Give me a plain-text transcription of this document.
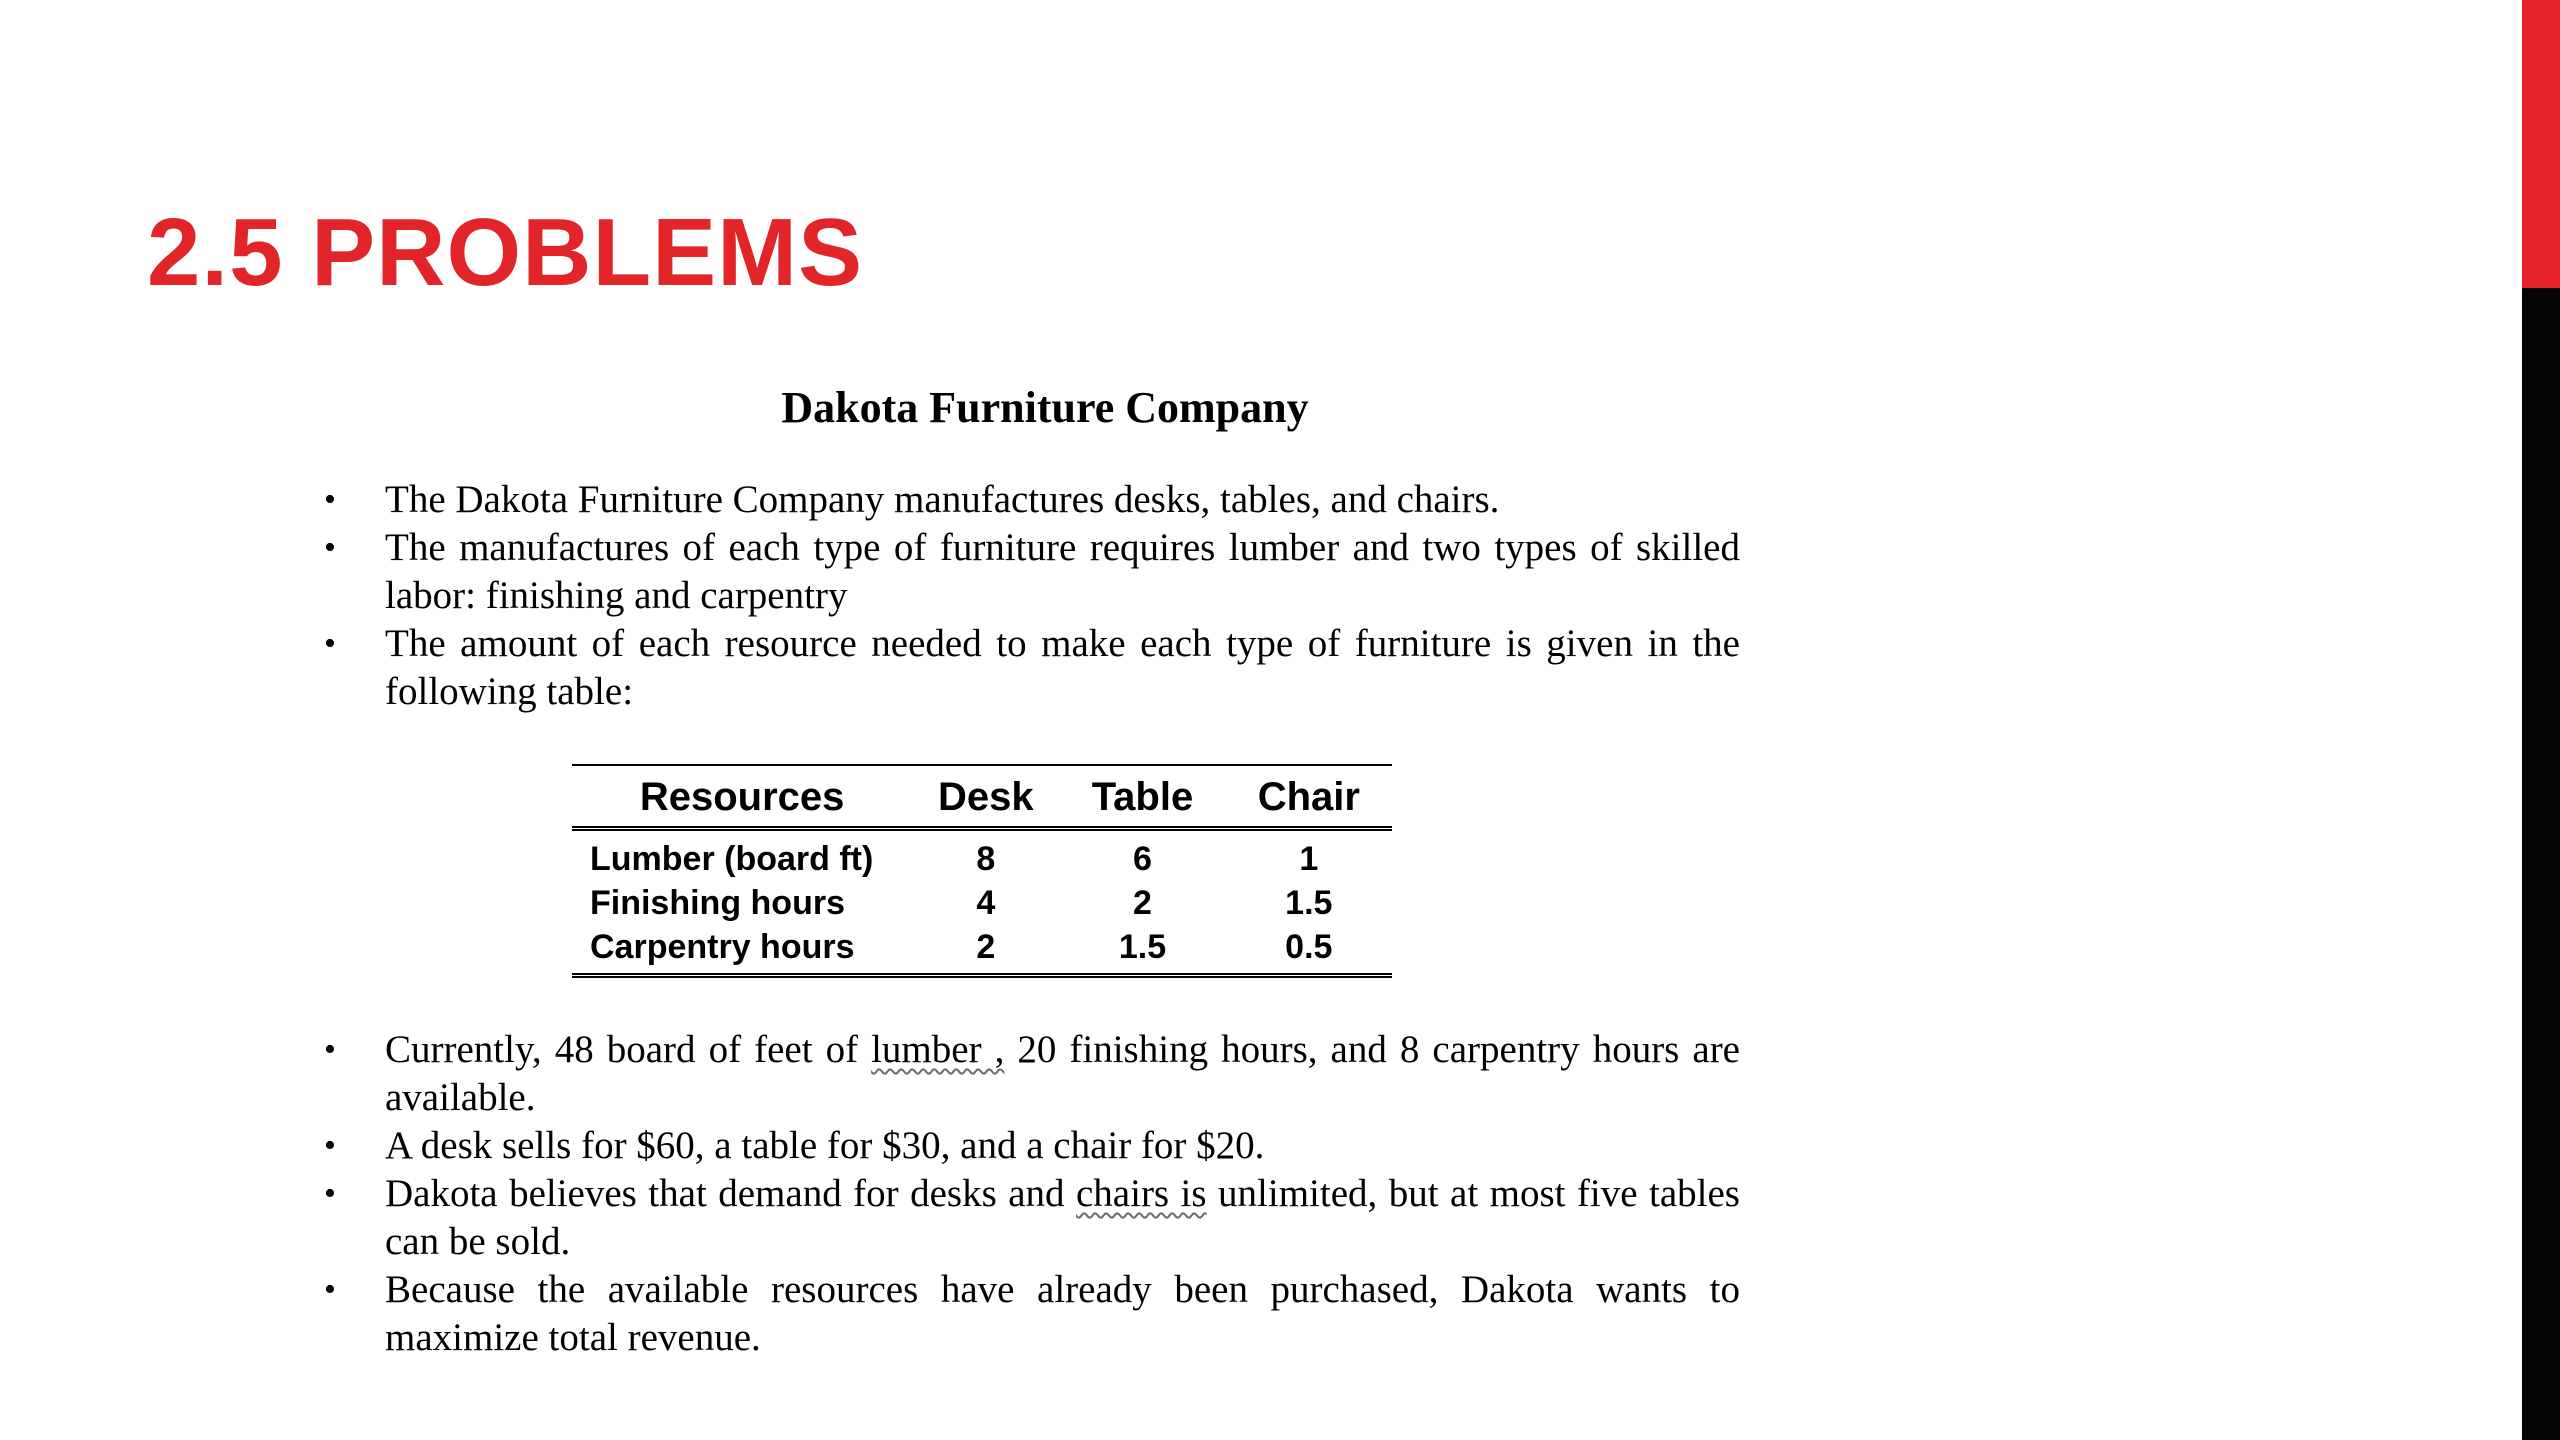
2.5 PROBLEMS

Dakota Furniture Company

• The Dakota Furniture Company manufactures desks, tables, and chairs.
• The manufactures of each type of furniture requires lumber and two types of skilled labor: finishing and carpentry
• The amount of each resource needed to make each type of furniture is given in the following table:
Resources	Desk	Table	Chair
Lumber (board ft)	8	6	1
Finishing hours	4	2	1.5
Carpentry hours	2	1.5	0.5
• Currently, 48 board of feet of lumber , 20 finishing hours, and 8 carpentry hours are available.
• A desk sells for $60, a table for $30, and a chair for $20.
• Dakota believes that demand for desks and chairs is unlimited, but at most five tables can be sold.
• Because the available resources have already been purchased, Dakota wants to maximize total revenue.
